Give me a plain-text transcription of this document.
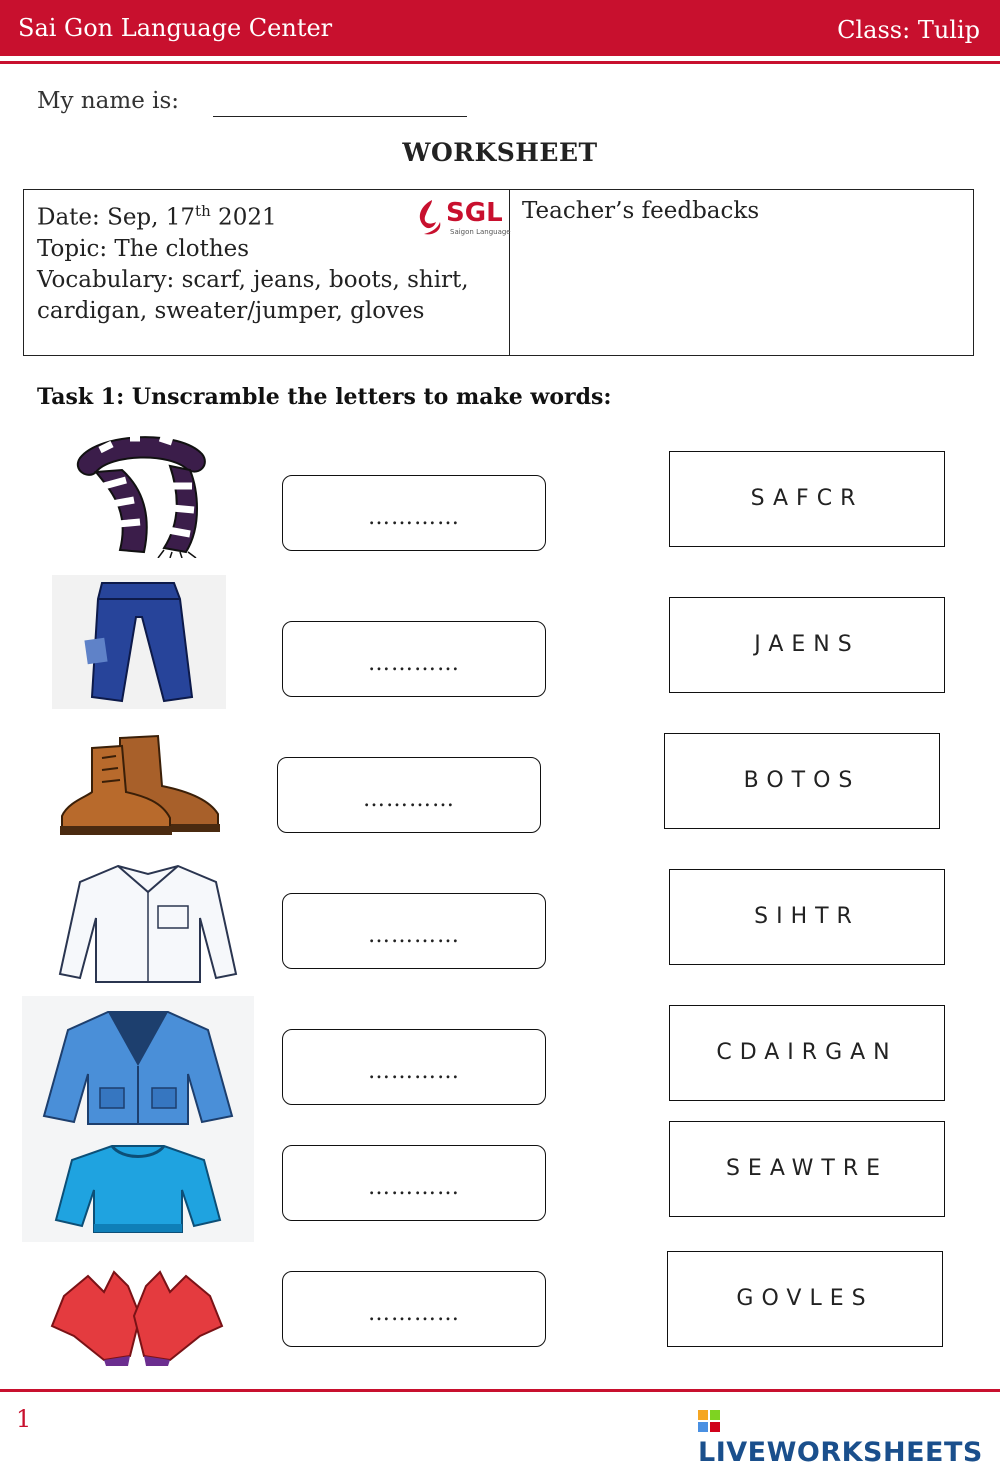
Sai Gon Language Center	Class: Tulip
My name is:
WORKSHEET
Date: Sep, 17th 2021
Topic: The clothes
Vocabulary: scarf, jeans, boots, shirt, cardigan, sweater/jumper, gloves
SGL
Saigon Language
Teacher’s feedbacks
Task 1: Unscramble the letters to make words:
…………
SAFCR
…………
JAENS
…………
BOTOS
…………
SIHTR
…………
CDAIRGAN
…………
SEAWTRE
…………
GOVLES
1
LIVEWORKSHEETS
